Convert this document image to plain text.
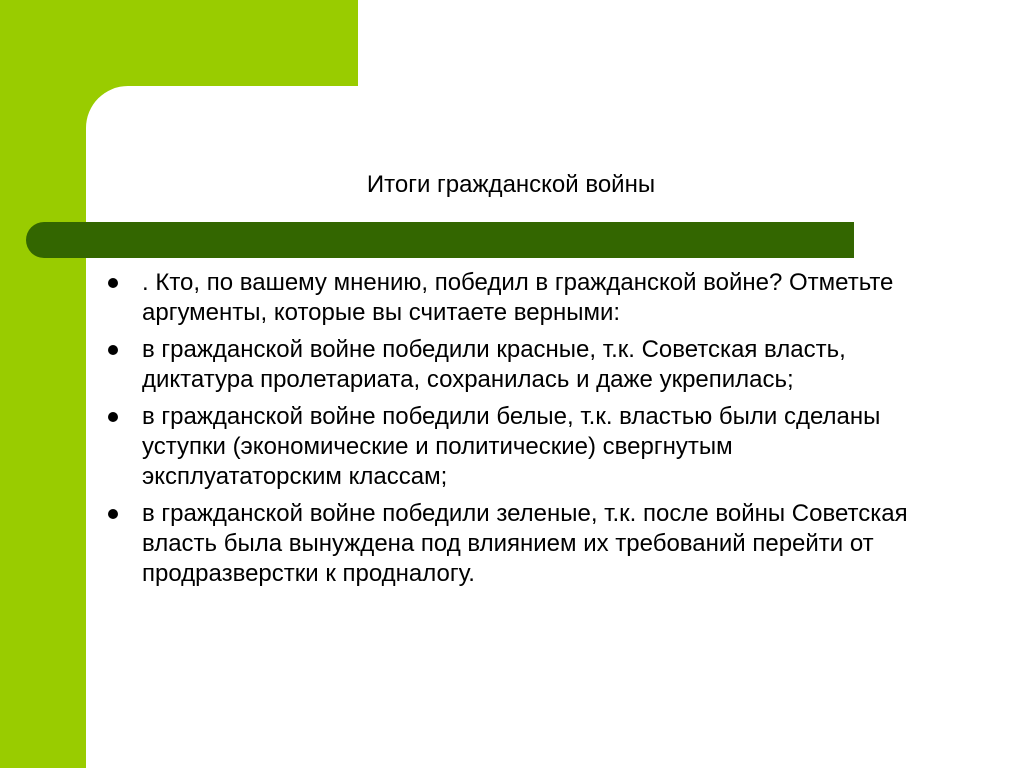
Итоги гражданской войны
. Кто, по вашему мнению, победил в гражданской войне? Отметьте аргументы, которые вы считаете верными:
в гражданской войне победили красные, т.к. Советская власть, диктатура пролетариата, сохранилась и даже укрепилась;
в гражданской войне победили белые, т.к. властью были сделаны уступки (экономические и политические) свергнутым эксплуататорским классам;
в гражданской войне победили зеленые, т.к. после войны Советская власть была вынуждена под влиянием их требований перейти от продразверстки к продналогу.
